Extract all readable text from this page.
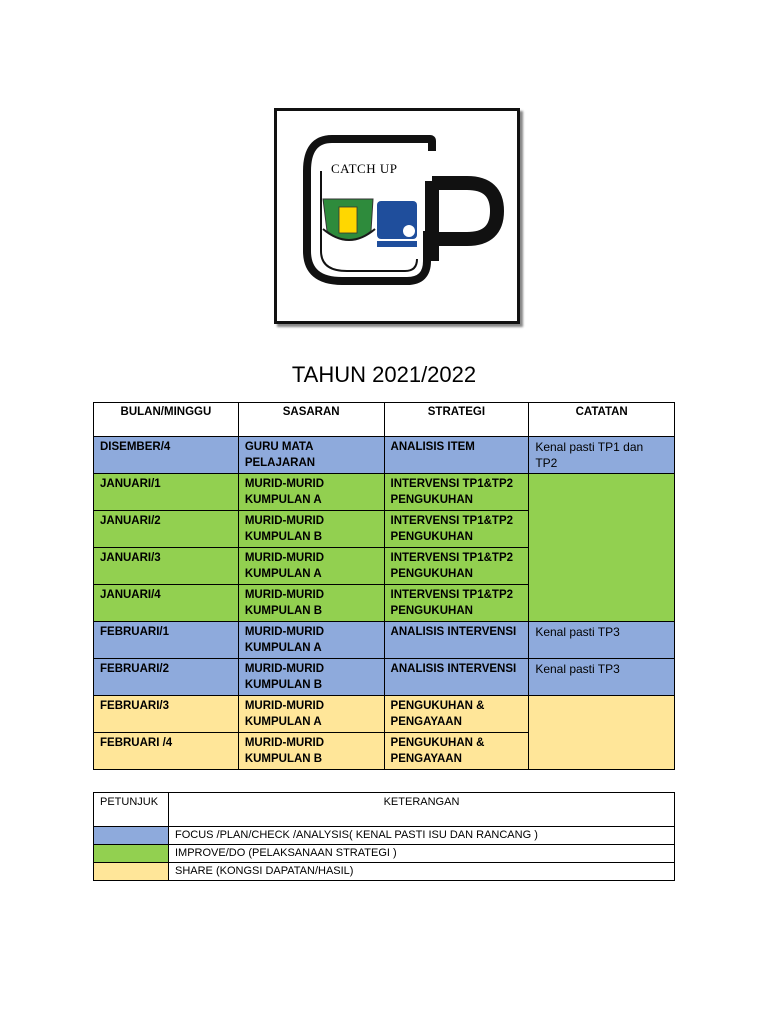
CATCH UP
TAHUN 2021/2022
BULAN/MINGGU	SASARAN	STRATEGI	CATATAN
DISEMBER/4	GURU MATA PELAJARAN	ANALISIS ITEM	Kenal pasti TP1 dan TP2
JANUARI/1	MURID-MURID KUMPULAN A	INTERVENSI TP1&TP2 PENGUKUHAN	
JANUARI/2	MURID-MURID KUMPULAN B	INTERVENSI TP1&TP2 PENGUKUHAN	
JANUARI/3	MURID-MURID KUMPULAN A	INTERVENSI TP1&TP2 PENGUKUHAN	
JANUARI/4	MURID-MURID KUMPULAN B	INTERVENSI TP1&TP2 PENGUKUHAN	
FEBRUARI/1	MURID-MURID KUMPULAN A	ANALISIS INTERVENSI	Kenal pasti TP3
FEBRUARI/2	MURID-MURID KUMPULAN B	ANALISIS INTERVENSI	Kenal pasti TP3
FEBRUARI/3	MURID-MURID KUMPULAN A	PENGUKUHAN & PENGAYAAN	
FEBRUARI /4	MURID-MURID KUMPULAN B	PENGUKUHAN & PENGAYAAN	
PETUNJUK	KETERANGAN
	FOCUS /PLAN/CHECK /ANALYSIS( KENAL PASTI ISU DAN RANCANG )
	IMPROVE/DO (PELAKSANAAN STRATEGI )
	SHARE (KONGSI DAPATAN/HASIL)
